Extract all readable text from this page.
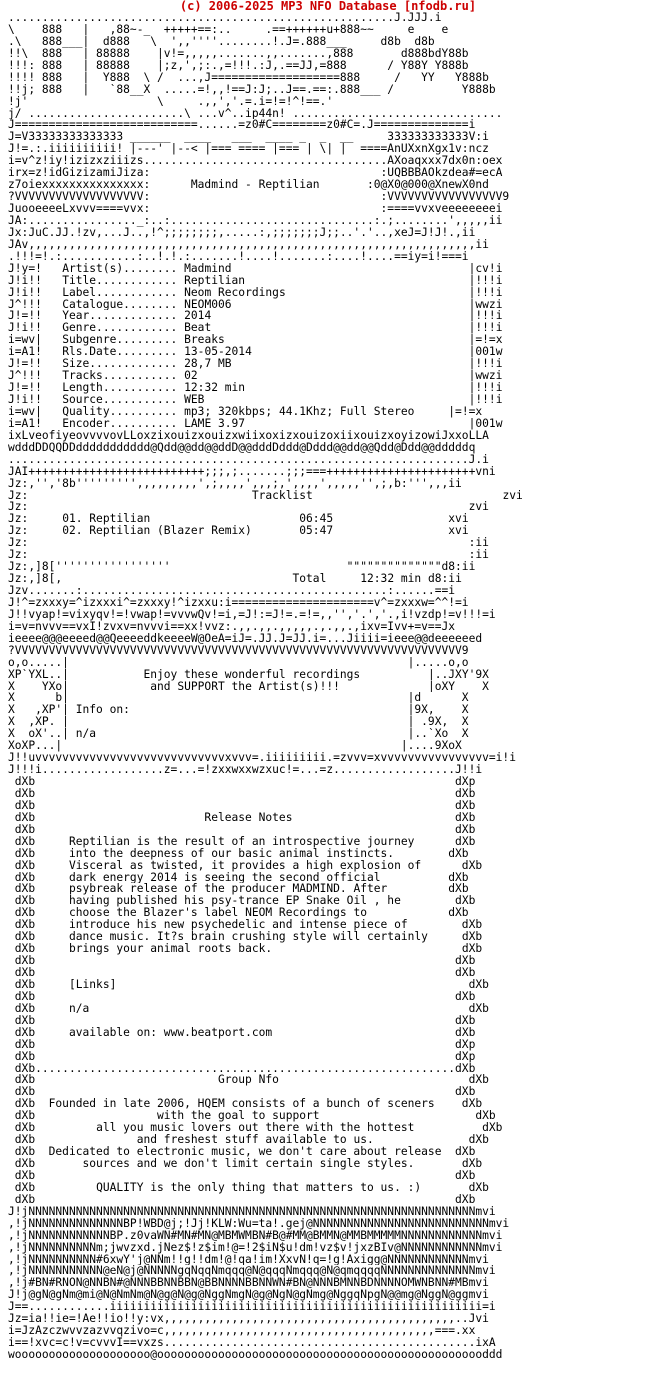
(c) 2006-2025 MP3 NFO Database [nfodb.ru]
.........................................................J.JJJ.i
\    888   |   ,88~-_  +++++==:..     .==++++++u+888~~     e    e
.\   888___|  d888   \  ',,''''........!.J=.888___     d8b  d8b
!!\  888   | 88888    |v!=,,,,,.......,,.......,888       d888bdY88b
!!!: 888   | 88888    |;z,',;:.,=!!!.:J,.==JJ,=888      / Y88Y Y888b
!!!! 888   |  Y888  \ /  ...,J===================888     /   YY   Y888b
!!j; 888   |   `88__X  .....=!,,!==J:J;..J==.==:.888___ /          Y888b
!j'                   \     .,,','.=.i=!=!^!==.'
j/ .......................\ ...v^..ip44n! ...............................
J===========================......=z0#C========z0#C=.J==============i
J=V33333333333333 ______  ____   ___  ____ _  _  __     333333333333V:i
J!=.:.iiiiiiiiii! |---' |--< |=== ==== |=== | \| |  ====AnUXxnXgx1v:ncz
i=v^z!iy!izizxziiizs....................................AXoaqxxx7dx0n:oex
irx=z!idGizizamiJiza:                                  :UQBBBAOkzdea#=ecA
z7oiexxxxxxxxxxxxxxx:      Madmind - Reptilian       :0@X0@000@XnewX0nd
?VVVVVVVVVVVVVVVVVVV:                                  :VVVVVVVVVVVVVVVVV9
JuooeeeeLxvvv====vvx:                                  :====vvxveeeeeeeei
JA:................_:..:..............................:.;........',,,,,ii
Jx:JuC.JJ.!zv,...J..,!^;;;;;;;;,.....:,;;;;;;;J;;..'.'..,xeJ=J!J!.,ii
JAv,,,,,,,,,,,,,,,,,,,,,,,,,,,,,,,,,,,,,,,,,,,,,,,,,,,,,,,,,,,,,,,,,,ii
.!!!=!.:...........:..!.!.:.......!....!.......:....!....==iy=i!===i
J!y=!   Artist(s)........ Madmind                                   |cv!i
J!i!!   Title............ Reptilian                                 |!!!i
J!i!!   Label............ Neom Recordings                           |!!!i
J^!!!   Catalogue........ NEOM006                                   |wwzi
J!=!!   Year............. 2014                                      |!!!i
J!i!!   Genre............ Beat                                      |!!!i
i=wv|   Subgenre......... Breaks                                    |=!=x
i=A1!   Rls.Date......... 13-05-2014                                |001w
J!=!!   Size............. 28,7 MB                                   |!!!i
J^!!!   Tracks........... 02                                        |wwzi
J!=!!   Length........... 12:32 min                                 |!!!i
J!i!!   Source........... WEB                                       |!!!i
i=wv|   Quality.......... mp3; 320kbps; 44.1Khz; Full Stereo     |=!=x
i=A1!   Encoder.......... LAME 3.97                                 |001w
ixLveofiyeovvvvovLLoxzixouizxouizxwiixoxizxouizoxiixouizxoyizowiJxxoLLA
wdddDDQQDDddddddddddd@Qdd@@dd@@ddD@@dddDddd@Dddd@@dd@@Qdd@Ddd@@dddddq
....................................................................J.i
JAI++++++++++++++++++++++++++;;;,;.......;;;===++++++++++++++++++++++vni
Jz:,'','8b''''''''',,,,,,,,,',;,,,,',,,;,',,,,',,,,,'',;,b:''',,,ii
Jz:                                 Tracklist                            zvi
Jz:                                                                 zvi
Jz:     01. Reptilian                      06:45                 xvi
Jz:     02. Reptilian (Blazer Remix)       05:47                 xvi
Jz:                                                                 :ii
Jz:                                                                 :ii
Jz:,]8['''''''''''''''''                          """"""""""""""d8:ii
Jz:,]8[,                                  Total	12:32 min d8:ii
Jzv.......:.............................................:......==i
J!^=zxxxy=^izxxxi^=zxxxy!^izxxu:i=====================v^=zxxxw=^^!=i
J!!vyap!=vixyqv!=!vwap!=vvvwQv!=i,=J!:=J!=.=!=,,'','.','.,i!vzdp!=v!!!=i
i=v=nvvv==vxI!zvxv=nvvvi==xx!vvz:.,,.,,.,,,,,.,.,,.,ixv=Ivv+=v==Jx
ieeee@@@eeeed@@QeeeeddkeeeeW@OeA=iJ=.JJ.J=JJ.i=...Jiiii=ieee@@deeeeeed
?VVVVVVVVVVVVVVVVVVVVVVVVVVVVVVVVVVVVVVVVVVVVVVVVVVVVVVVVVVVVVVVVVV9
o,o.....|                                                  |.....o,o
XP`YXL..|           Enjoy these wonderful recordings          |..JXY'9X
X    YXo|            and SUPPORT the Artist(s)!!!             |oXY    X
X      b|                                                  |d      X
X   ,XP'| Info on:                                         |9X,    X
X  ,XP. |                                                  | .9X,  X
X  oX'..| n/a                                              |..`Xo  X
XoXP...|                                                  |....9XoX
J!!uvvvvvvvvvvvvvvvvvvvvvvvvvvvvxvvv=.iiiiiiiii.=zvvv=xvvvvvvvvvvvvvvvv=i!i
J!!!i..................z=...=!zxxwxxwzxuc!=...=z..................J!!i
dXb                                                              dXp
dXb                                                              dXb
dXb                                                              dXb
dXb                         Release Notes                        dXb
dXb                                                              dXb
dXb     Reptilian is the result of an introspective journey      dXb
dXb     into the deepness of our basic animal instincts.        dXb
dXb     Visceral as twisted, it provides a high explosion of      dXb
dXb     dark energy 2014 is seeing the second official          dXb
dXb     psybreak release of the producer MADMIND. After         dXb
dXb     having published his psy-trance EP Snake Oil , he        dXb
dXb     choose the Blazer's label NEOM Recordings to            dXb
dXb     introduce his new psychedelic and intense piece of        dXb
dXb     dance music. It?s brain crushing style will certainly     dXb
dXb     brings your animal roots back.                            dXb
dXb                                                              dXb
dXb                                                              dXb
dXb     [Links]                                                    dXb
dXb                                                              dXb
dXb     n/a                                                        dXb
dXb                                                              dXb
dXb     available on: www.beatport.com                           dXb
dXb                                                              dXp
dXb                                                              dXp
dXb..............................................................dXb
dXb                           Group Nfo                            dXb
dXb                                                              dXb
dXb  Founded in late 2006, HQEM consists of a bunch of sceners    dXb
dXb                  with the goal to support                       dXb
dXb         all you music lovers out there with the hottest          dXb
dXb               and freshest stuff available to us.              dXb
dXb  Dedicated to electronic music, we don't care about release  dXb
dXb       sources and we don't limit certain single styles.       dXb
dXb                                                              dXb
dXb         QUALITY is the only thing that matters to us. :)       dXb
dXb                                                              dXb
J!jNNNNNNNNNNNNNNNNNNNNNNNNNNNNNNNNNNNNNNNNNNNNNNNNNNNNNNNNNNNNNNNNNNmvi
,!jNNNNNNNNNNNNNNBP!WBD@j;!Jj!KLW:Wu=ta!.gej@NNNNNNNNNNNNNNNNNNNNNNNNNNmvi
,!jNNNNNNNNNNNNBP.z0vaWN#MN#MN@MBMWMBN#B@#MM@BMMN@MMBMMMMMNNNNNNNNNNNNmvi
,!jNNNNNNNNNNm;jwvzxd.jNez$!z$im!@=!2$iN$u!dm!vz$v!jxzBIv@NNNNNNNNNNNNmvi
,!jNNNNNNNNNN#6xwY'j@NNm!!g!!dm!@!qa!im!XxvN!q=!g!Axigg@NNNNNNNNNNNNmvi
,!jNNNNNNNNNNN@eN@j@NNNNNgqNqqNmqqq@N@qqqNmqqq@N@qmqqqqNNNNNNNNNNNNNNmvi
,!j#BN#RNON@NNBN#@NNNBBNNBBN@BBNNNNBBNNWN#BN@NNNBMNNBDNNNNOMWNBNN#MBmvi
J!j@gN@gNm@mi@N@NmNm@N@g@N@g@NggNmgN@g@NgN@gNmg@NggqNpgN@@mg@NggN@ggmvi
J==............iiiiiiiiiiiiiiiiiiiiiiiiiiiiiiiiiiiiiiiiiiiiiiiiiiiiiii=i
Jz=ia!!ie=!Ae!!io!!y:vx,,,,,,,,,,,,,,,,,,,,,,,,,,,,,,,,,,,,,,,,,,,..Jvi
i=JzAzczwvvzazvvqzivo=c,,,,,,,,,,,,,,,,,,,,,,,,,,,,,,,,,,,,,,,,===.xx
i==!xvc=c!v=cvvvI==vxzs..............................................ixA
woooooooooooooooooooo@ooooooooooooooooooooooooooooooooooooooooooooooooddd
